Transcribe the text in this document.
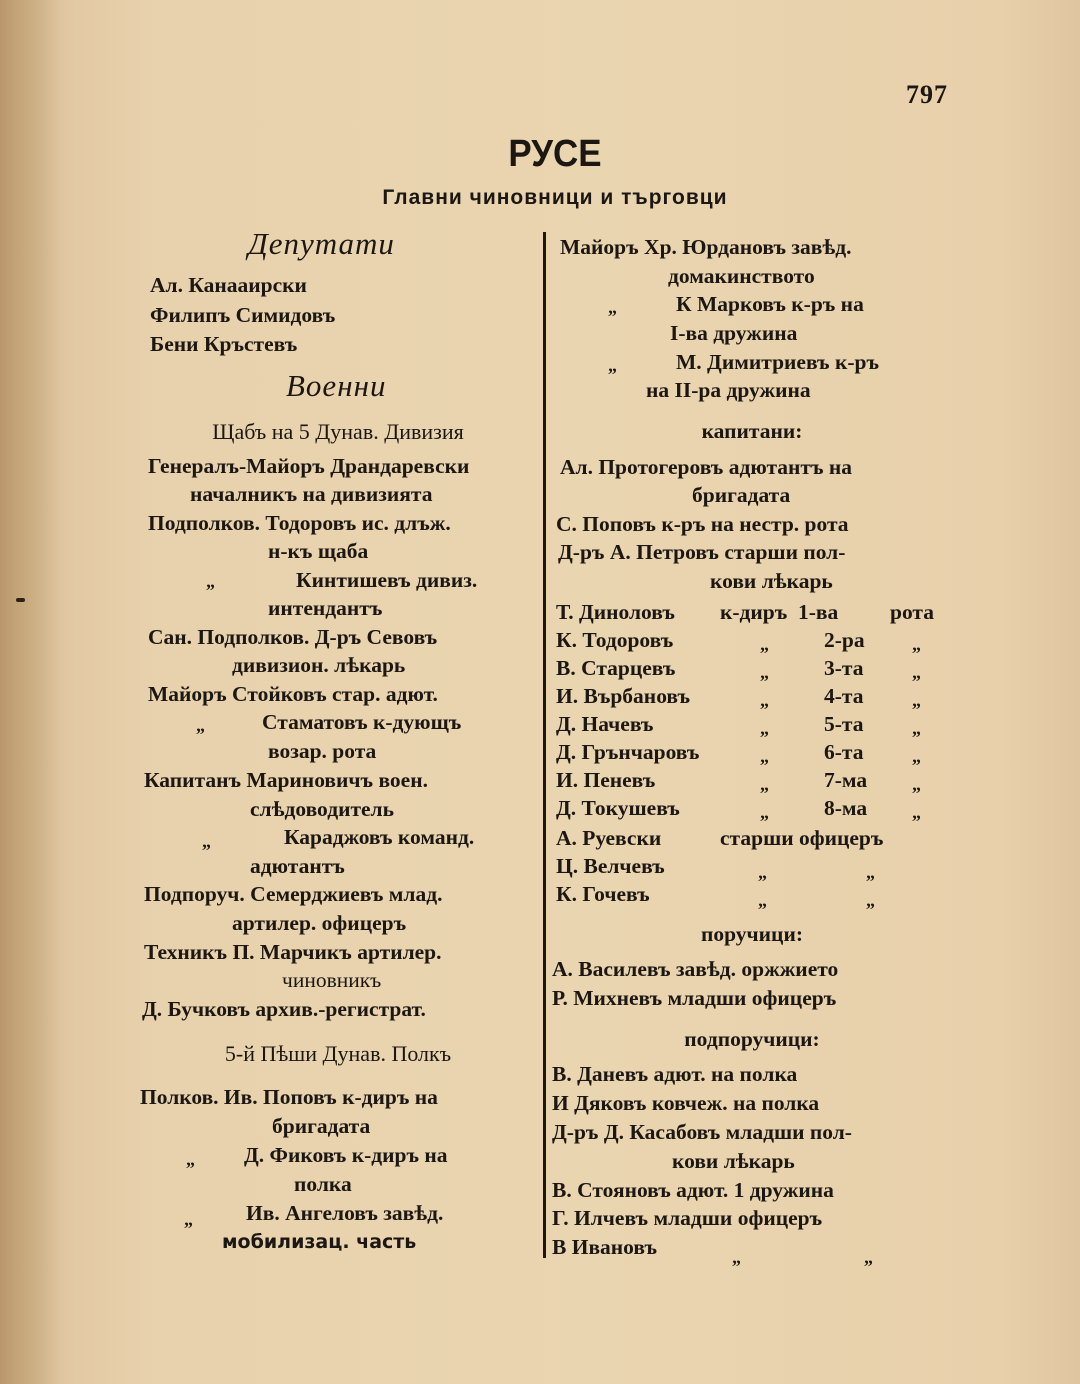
797
РУСЕ
Главни чиновници и търговци
Депутати
Ал. Канааирски
Филипъ Симидовъ
Бени Кръстевъ
Военни
Щабъ на 5 Дунав. Дивизия
Генералъ-Майоръ Драндаревски
началникъ на дивизията
Подполков. Тодоровъ ис. длъж.
н-къ щаба
„	Кинтишевъ дивиз.
интендантъ
Сан. Подполков. Д-ръ Севовъ
дивизион. лѣкарь
Майоръ Стойковъ стар. адют.
„	Стаматовъ к-дующъ
возар. рота
Капитанъ Мариновичъ воен.
слѣдоводитель
„	Караджовъ команд.
адютантъ
Подпоруч. Семерджиевъ млад.
артилер. офицеръ
Техникъ П. Марчикъ артилер.
чиновникъ
Д. Бучковъ архив.-регистрат.
5-й Пѣши Дунав. Полкъ
Полков. Ив. Поповъ к-диръ на
бригадата
„ Д. Фиковъ к-диръ на
полка
„ Ив. Ангеловъ завѣд.
мобилизац. часть
Майоръ Хр. Юрдановъ завѣд.
домакинството
„	К Марковъ к-ръ на
I-ва дружина
„	М. Димитриевъ к-ръ
на II-ра дружина
капитани:
Ал. Протогеровъ адютантъ на
бригадата
С. Поповъ к-ръ на нестр. рота
Д-ръ А. Петровъ старши пол-
кови лѣкарь
Т. Диноловъ к-диръ 1-ва рота
К. Тодоровъ	„	2-ра	„
В. Старцевъ	„	3-та	„
И. Върбановъ	„	4-та	„
Д. Начевъ	„	5-та	„
Д. Грънчаровъ	„	6-та	„
И. Пеневъ	„	7-ма „
Д. Токушевъ	„	8-ма „
А. Руевски	старши офицеръ
Ц. Велчевъ	„	„
К. Гочевъ	„	„
поручици:
А. Василевъ завѣд. оржжието
Р. Михневъ младши офицеръ
подпоручици:
В. Даневъ адют. на полка
И Дяковъ ковчеж. на полка
Д-ръ Д. Касабовъ младши пол-
кови лѣкарь
В. Стояновъ адют. 1 дружина
Г. Илчевъ младши офицеръ
В Ивановъ	„	„
